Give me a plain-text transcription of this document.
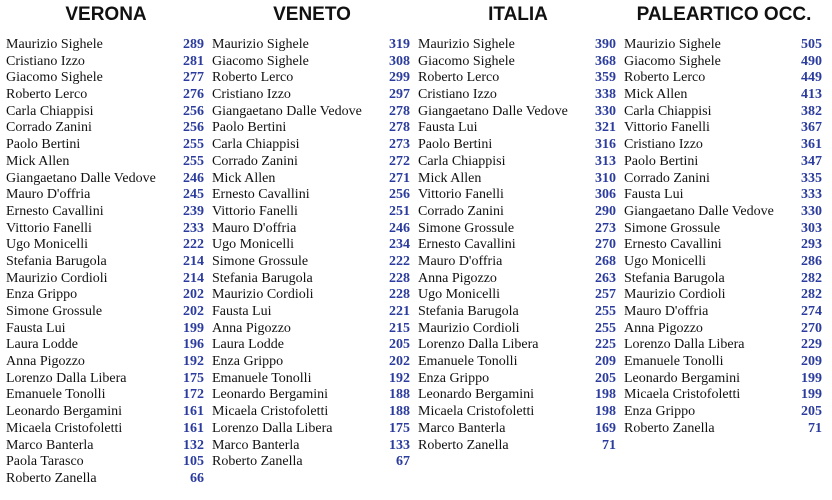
VERONA
Maurizio Sighele	289
Cristiano Izzo	281
Giacomo Sighele	277
Roberto Lerco	276
Carla Chiappisi	256
Corrado Zanini	256
Paolo Bertini	255
Mick Allen	255
Giangaetano Dalle Vedove 246
Mauro D'offria	245
Ernesto Cavallini	239
Vittorio Fanelli	233
Ugo Monicelli	222
Stefania Barugola	214
Maurizio Cordioli	214
Enza Grippo	202
Simone Grossule	202
Fausta Lui	199
Laura Lodde	196
Anna Pigozzo	192
Lorenzo Dalla Libera	175
Emanuele Tonolli	172
Leonardo Bergamini	161
Micaela Cristofoletti	161
Marco Banterla	132
Paola Tarasco	105
Roberto Zanella	66
VENETO
Maurizio Sighele	319
Giacomo Sighele	308
Roberto Lerco	299
Cristiano Izzo	297
Giangaetano Dalle Vedove 278
Paolo Bertini	278
Carla Chiappisi	273
Corrado Zanini	272
Mick Allen	271
Ernesto Cavallini	256
Vittorio Fanelli	251
Mauro D'offria	246
Ugo Monicelli	234
Simone Grossule	222
Stefania Barugola	228
Maurizio Cordioli	228
Fausta Lui	221
Anna Pigozzo	215
Laura Lodde	205
Enza Grippo	202
Emanuele Tonolli	192
Leonardo Bergamini	188
Micaela Cristofoletti	188
Lorenzo Dalla Libera	175
Marco Banterla	133
Roberto Zanella	67
ITALIA
Maurizio Sighele	390
Giacomo Sighele	368
Roberto Lerco	359
Cristiano Izzo	338
Giangaetano Dalle Vedove 330
Fausta Lui	321
Paolo Bertini	316
Carla Chiappisi	313
Mick Allen	310
Vittorio Fanelli	306
Corrado Zanini	290
Simone Grossule	273
Ernesto Cavallini	270
Mauro D'offria	268
Anna Pigozzo	263
Ugo Monicelli	257
Stefania Barugola	255
Maurizio Cordioli	255
Lorenzo Dalla Libera	225
Emanuele Tonolli	209
Enza Grippo	205
Leonardo Bergamini	198
Micaela Cristofoletti	198
Marco Banterla	169
Roberto Zanella	71
PALEARTICO OCC.
Maurizio Sighele	505
Giacomo Sighele	490
Roberto Lerco	449
Mick Allen	413
Carla Chiappisi	382
Vittorio Fanelli	367
Cristiano Izzo	361
Paolo Bertini	347
Corrado Zanini	335
Fausta Lui	333
Giangaetano Dalle Vedove 330
Simone Grossule	303
Ernesto Cavallini	293
Ugo Monicelli	286
Stefania Barugola	282
Maurizio Cordioli	282
Mauro D'offria	274
Anna Pigozzo	270
Lorenzo Dalla Libera	229
Emanuele Tonolli	209
Leonardo Bergamini	199
Micaela Cristofoletti	199
Enza Grippo	205
Roberto Zanella	71
